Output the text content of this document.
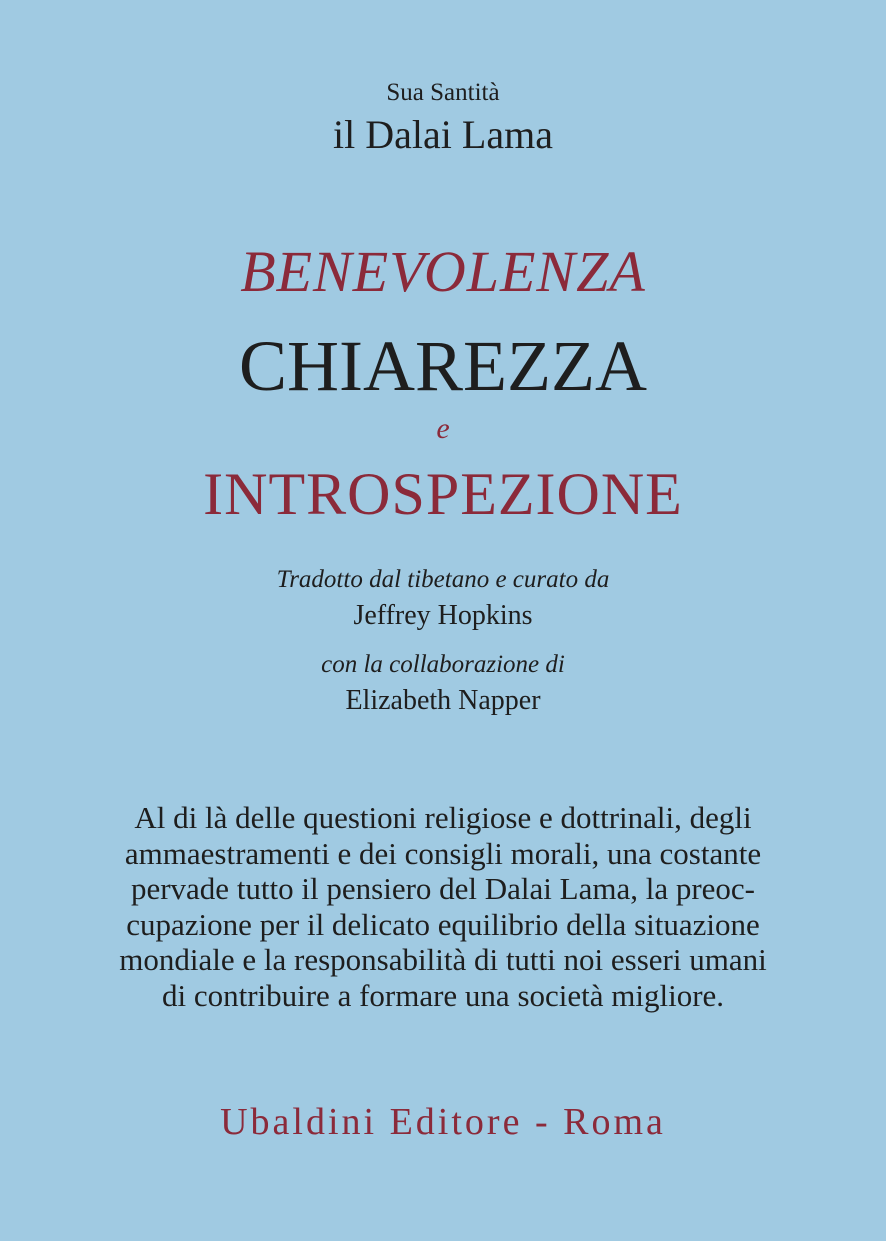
Sua Santità

il Dalai Lama

BENEVOLENZA
CHIAREZZA

e

INTROSPEZIONE

Tradotto dal tibetano e curato da

Jeffrey Hopkins

con la collaborazione di

Elizabeth Napper

Al di là delle questioni religiose e dottrinali, degli
ammaestramenti e dei consigli morali, una costante
pervade tutto il pensiero del Dalai Lama, la preoc-
cupazione per il delicato equilibrio della situazione
mondiale e la responsabilità di tutti noi esseri umani
di contribuire a formare una società migliore.

Ubaldini Editore - Roma
